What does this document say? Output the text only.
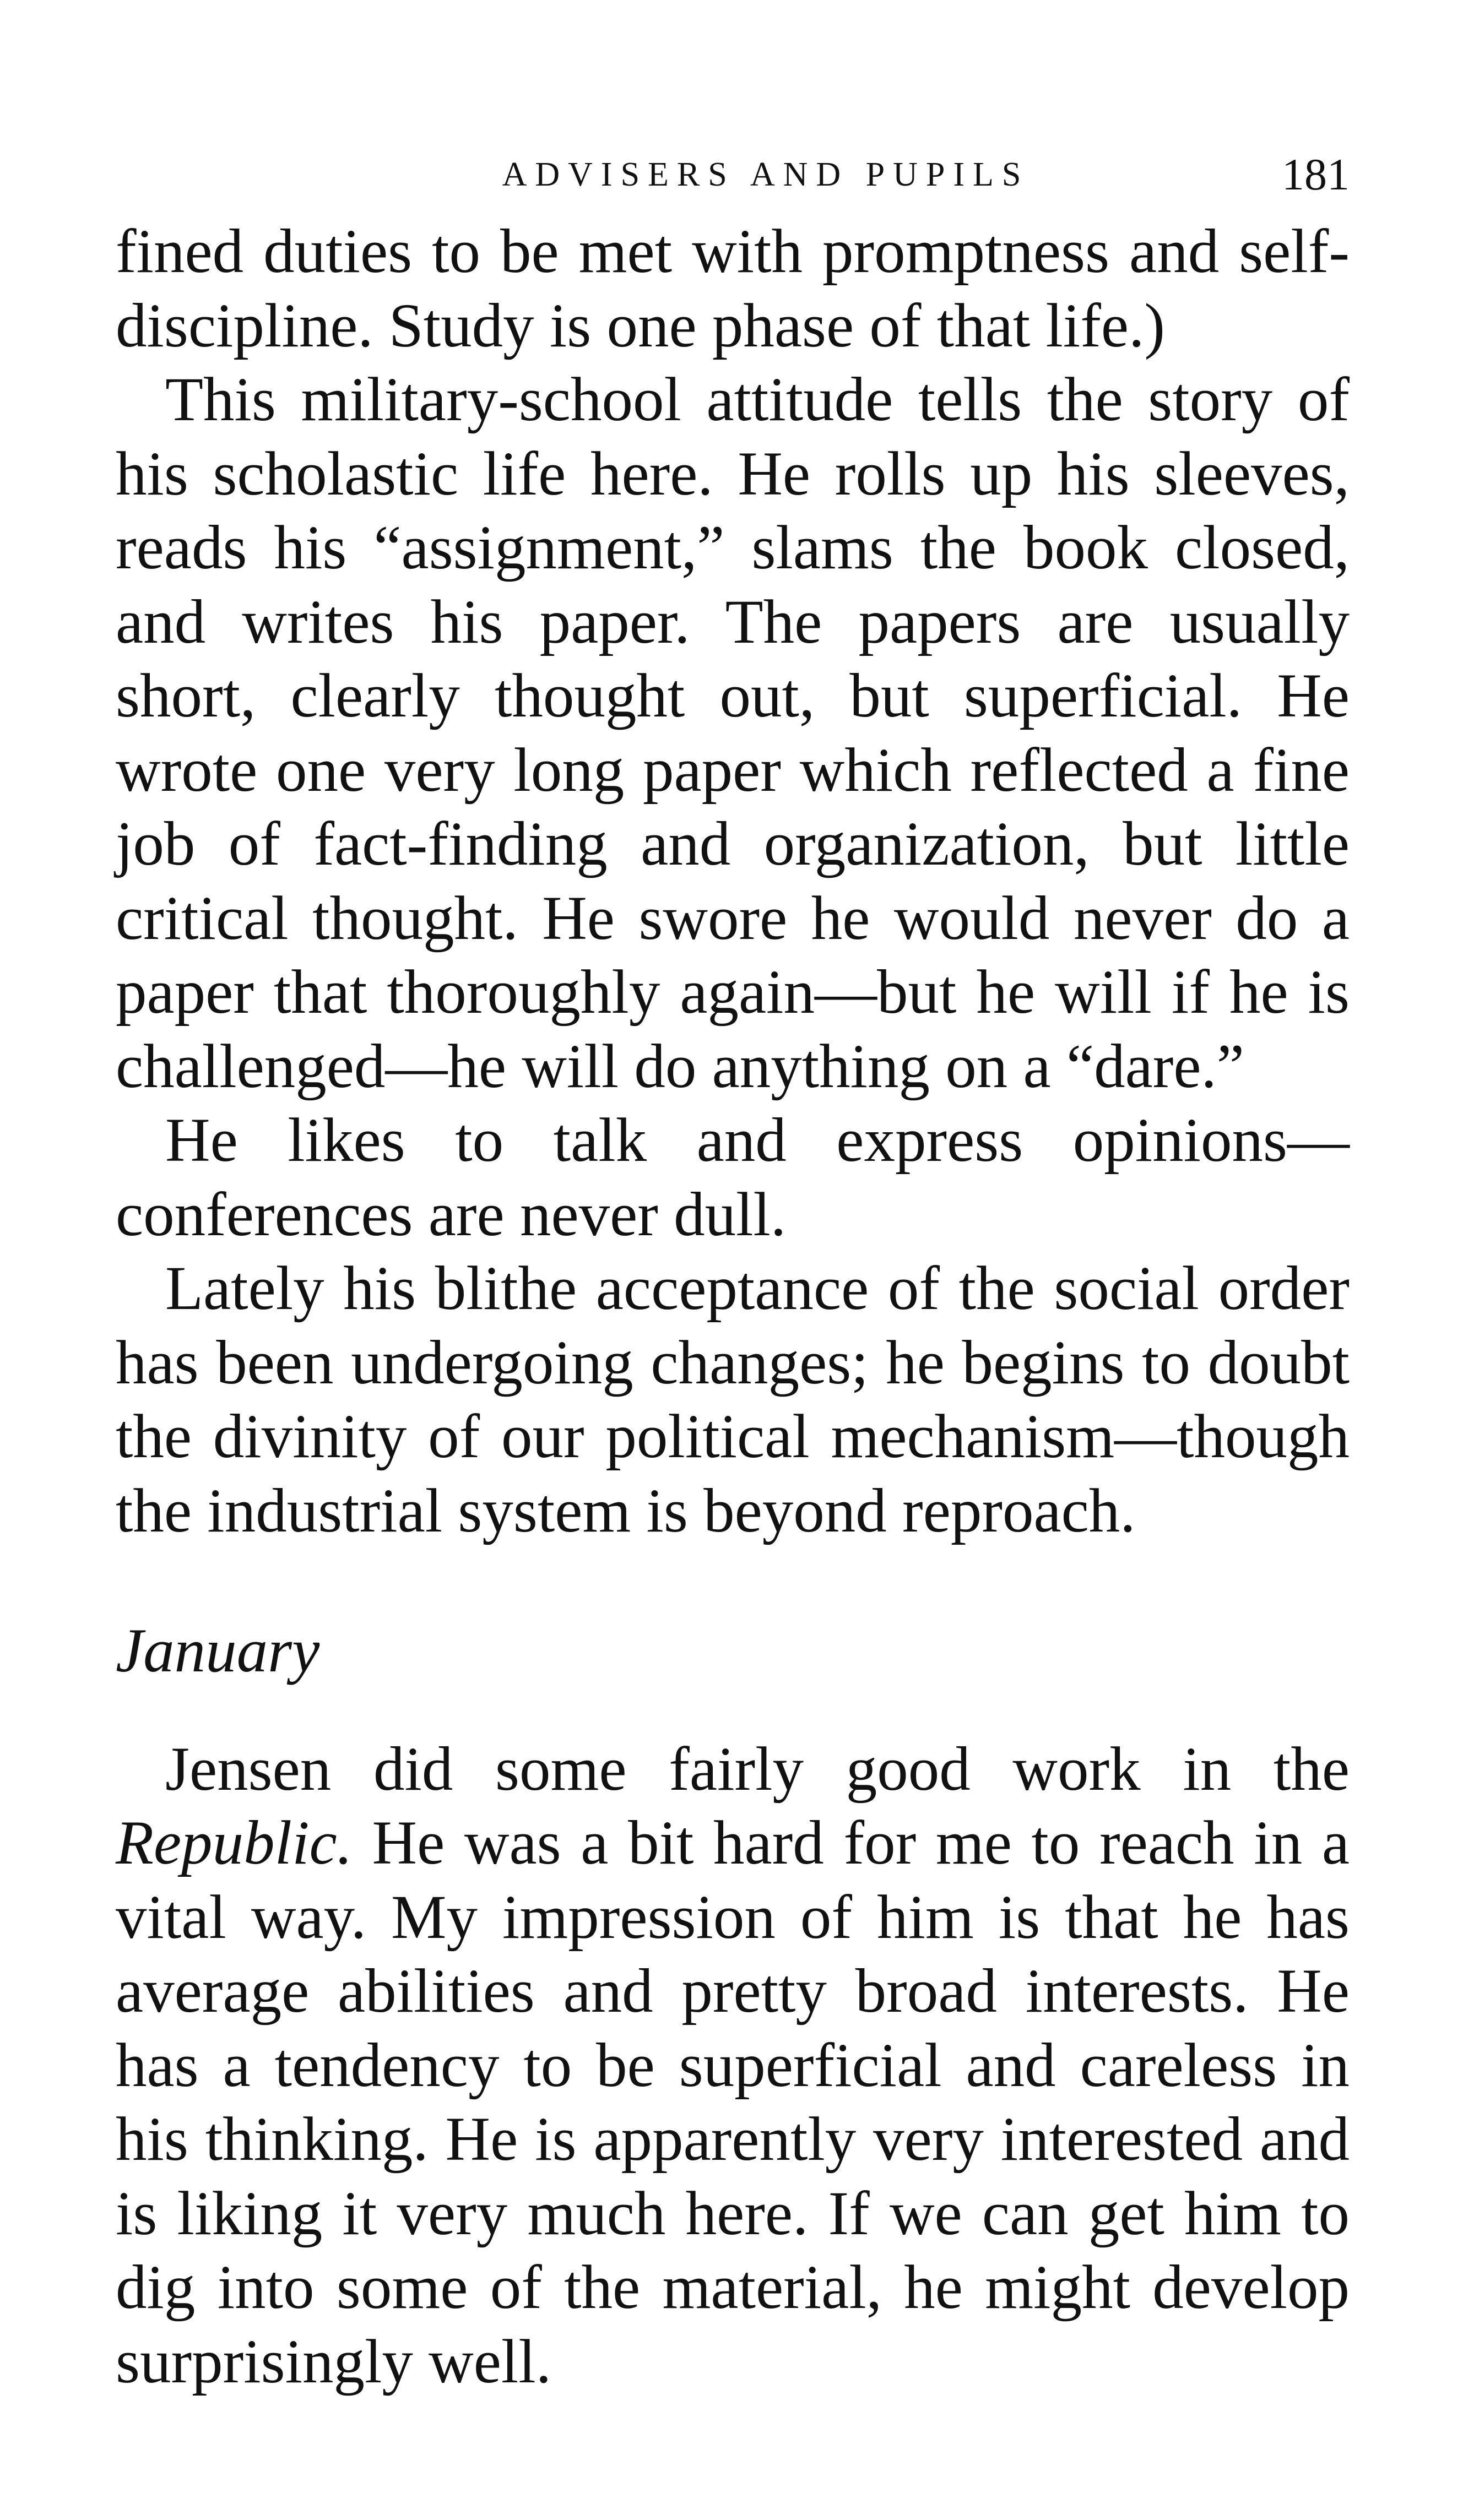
ADVISERS AND PUPILS	181

fined duties to be met with promptness and self-discipline. Study is one phase of that life.)

This military-school attitude tells the story of his scholastic life here. He rolls up his sleeves, reads his “assignment,” slams the book closed, and writes his paper. The papers are usually short, clearly thought out, but superficial. He wrote one very long paper which reflected a fine job of fact-finding and organization, but little critical thought. He swore he would never do a paper that thoroughly again—but he will if he is challenged—he will do anything on a “dare.”

He likes to talk and express opinions—conferences are never dull.

Lately his blithe acceptance of the social order has been undergoing changes; he begins to doubt the divinity of our political mechanism—though the industrial system is beyond reproach.

January

Jensen did some fairly good work in the Republic. He was a bit hard for me to reach in a vital way. My impression of him is that he has average abilities and pretty broad interests. He has a tendency to be superficial and careless in his thinking. He is apparently very interested and is liking it very much here. If we can get him to dig into some of the material, he might develop surprisingly well.
